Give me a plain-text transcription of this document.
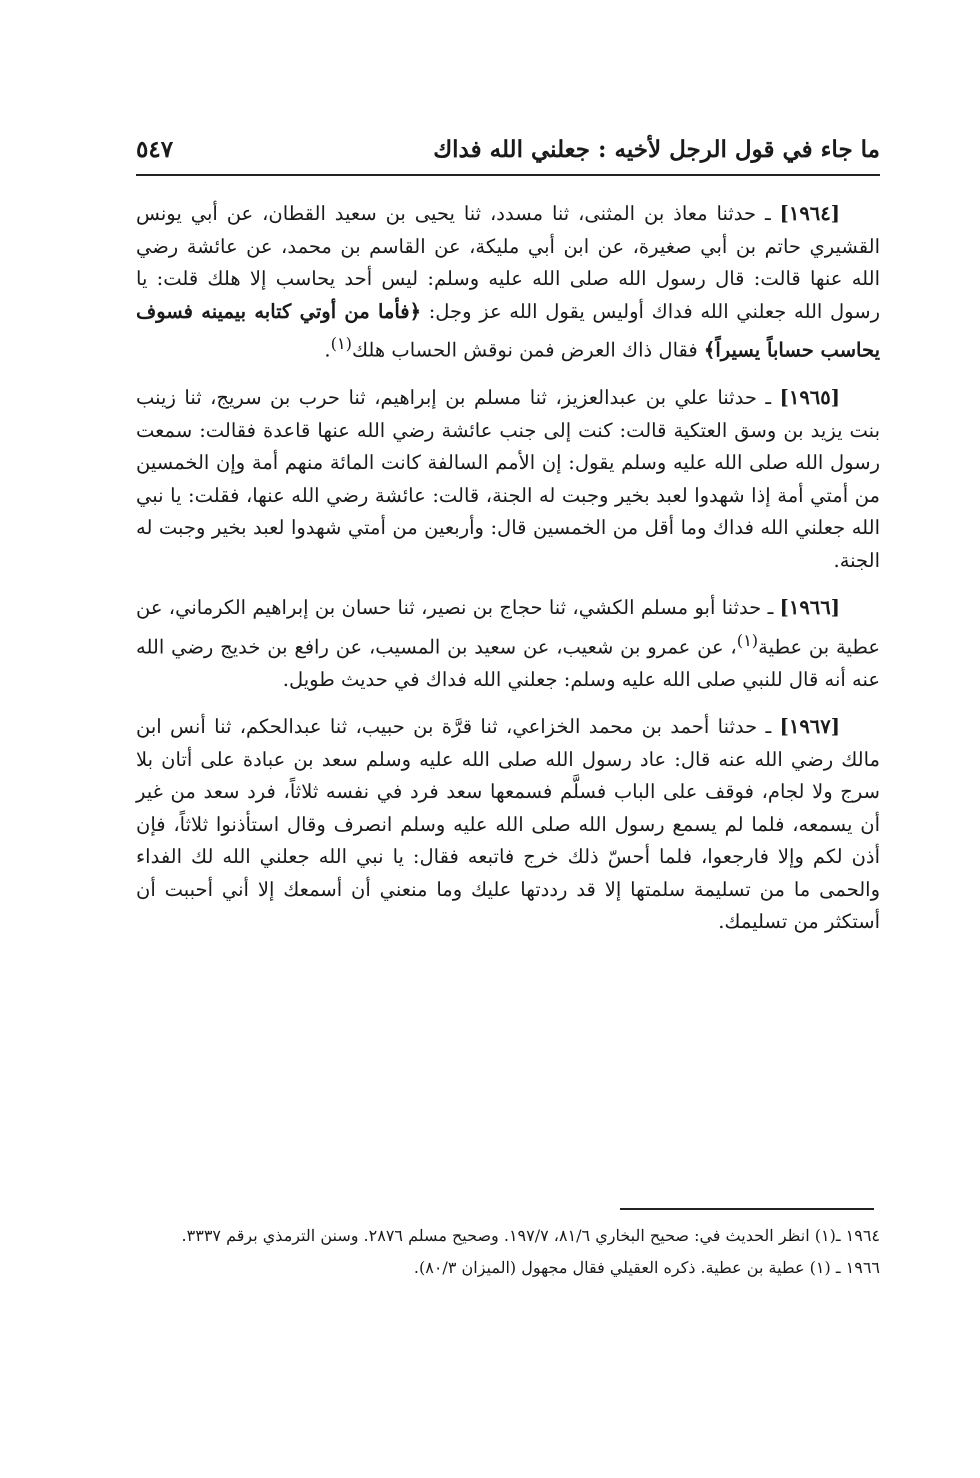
ما جاء في قول الرجل لأخيه : جعلني الله فداك
٥٤٧

[١٩٦٤] ـ حدثنا معاذ بن المثنى، ثنا مسدد، ثنا يحيى بن سعيد القطان، عن أبي يونس القشيري حاتم بن أبي صغيرة، عن ابن أبي مليكة، عن القاسم بن محمد، عن عائشة رضي الله عنها قالت: قال رسول الله صلى الله عليه وسلم: ليس أحد يحاسب إلا هلك قلت: يا رسول الله جعلني الله فداك أوليس يقول الله عز وجل: ﴿فأما من أوتي كتابه بيمينه فسوف يحاسب حساباً يسيراً﴾ فقال ذاك العرض فمن نوقش الحساب هلك$^{(١)}$.

[١٩٦٥] ـ حدثنا علي بن عبدالعزيز، ثنا مسلم بن إبراهيم، ثنا حرب بن سريج، ثنا زينب بنت يزيد بن وسق العتكية قالت: كنت إلى جنب عائشة رضي الله عنها قاعدة فقالت: سمعت رسول الله صلى الله عليه وسلم يقول: إن الأمم السالفة كانت المائة منهم أمة وإن الخمسين من أمتي أمة إذا شهدوا لعبد بخير وجبت له الجنة، قالت: عائشة رضي الله عنها، فقلت: يا نبي الله جعلني الله فداك وما أقل من الخمسين قال: وأربعين من أمتي شهدوا لعبد بخير وجبت له الجنة.

[١٩٦٦] ـ حدثنا أبو مسلم الكشي، ثنا حجاج بن نصير، ثنا حسان بن إبراهيم الكرماني، عن عطية بن عطية$^{(١)}$، عن عمرو بن شعيب، عن سعيد بن المسيب، عن رافع بن خديج رضي الله عنه أنه قال للنبي صلى الله عليه وسلم: جعلني الله فداك في حديث طويل.

[١٩٦٧] ـ حدثنا أحمد بن محمد الخزاعي، ثنا قرَّة بن حبيب، ثنا عبدالحكم، ثنا أنس ابن مالك رضي الله عنه قال: عاد رسول الله صلى الله عليه وسلم سعد بن عبادة على أتان بلا سرج ولا لجام، فوقف على الباب فسلَّم فسمعها سعد فرد في نفسه ثلاثاً، فرد سعد من غير أن يسمعه، فلما لم يسمع رسول الله صلى الله عليه وسلم انصرف وقال استأذنوا ثلاثاً، فإن أذن لكم وإلا فارجعوا، فلما أحسّ ذلك خرج فاتبعه فقال: يا نبي الله جعلني الله لك الفداء والحمى ما من تسليمة سلمتها إلا قد رددتها عليك وما منعني أن أسمعك إلا أني أحببت أن أستكثر من تسليمك.

١٩٦٤ ـ(١) انظر الحديث في: صحيح البخاري ٨١/٦، ١٩٧/٧. وصحيح مسلم ٢٨٧٦. وسنن الترمذي برقم ٣٣٣٧.

١٩٦٦ ـ (١) عطية بن عطية. ذكره العقيلي فقال مجهول (الميزان ٨٠/٣).
